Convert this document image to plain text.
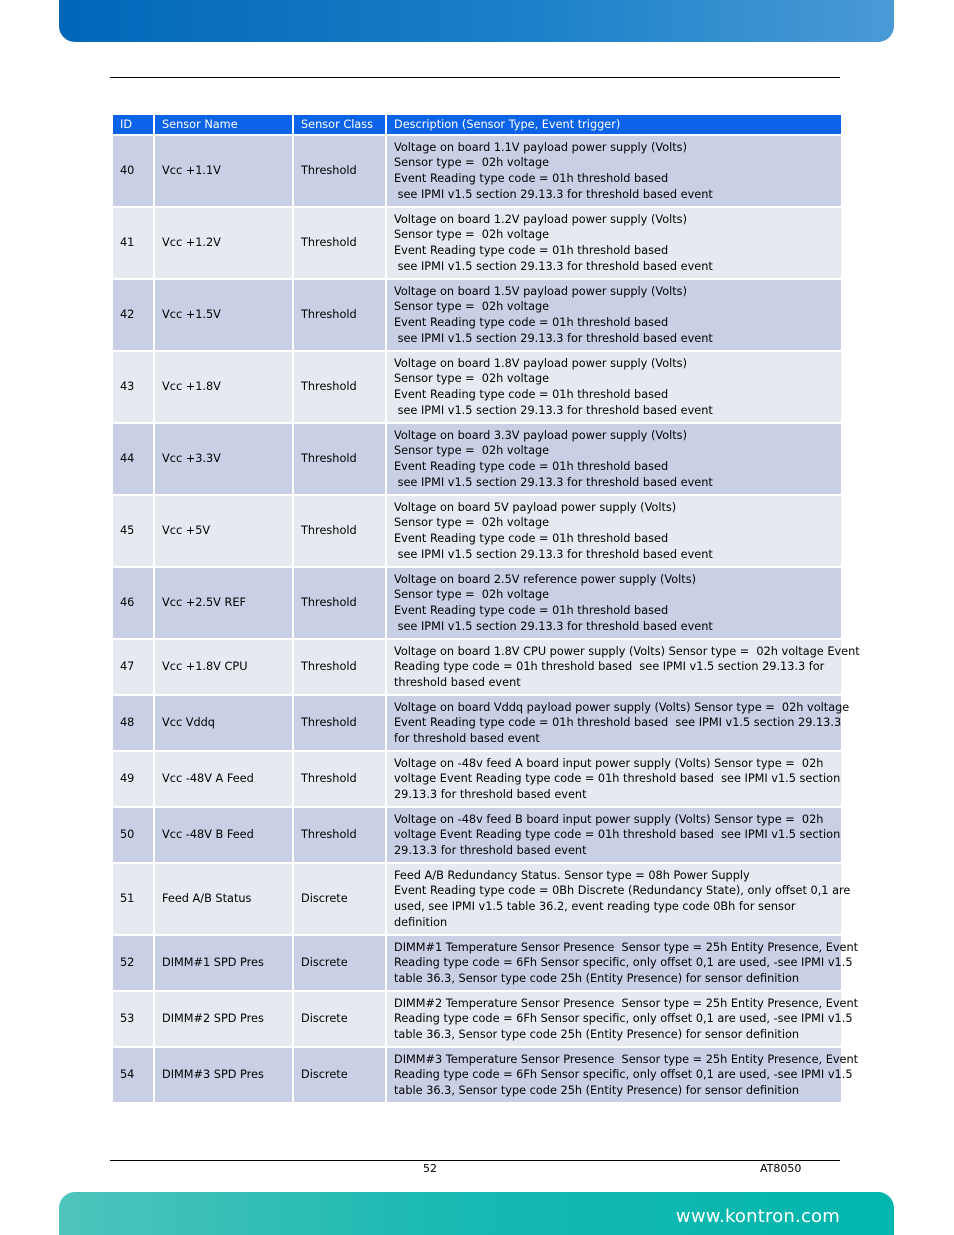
ID	Sensor Name	Sensor Class	Description (Sensor Type, Event trigger)
40	Vcc +1.1V	Threshold	Voltage on board 1.1V payload power supply (Volts)
Sensor type =  02h voltage
Event Reading type code = 01h threshold based
see IPMI v1.5 section 29.13.3 for threshold based event

41	Vcc +1.2V	Threshold	Voltage on board 1.2V payload power supply (Volts)
Sensor type =  02h voltage
Event Reading type code = 01h threshold based
see IPMI v1.5 section 29.13.3 for threshold based event

42	Vcc +1.5V	Threshold	Voltage on board 1.5V payload power supply (Volts)
Sensor type =  02h voltage
Event Reading type code = 01h threshold based
see IPMI v1.5 section 29.13.3 for threshold based event

43	Vcc +1.8V	Threshold	Voltage on board 1.8V payload power supply (Volts)
Sensor type =  02h voltage
Event Reading type code = 01h threshold based
see IPMI v1.5 section 29.13.3 for threshold based event

44	Vcc +3.3V	Threshold	Voltage on board 3.3V payload power supply (Volts)
Sensor type =  02h voltage
Event Reading type code = 01h threshold based
see IPMI v1.5 section 29.13.3 for threshold based event

45	Vcc +5V	Threshold	Voltage on board 5V payload power supply (Volts)
Sensor type =  02h voltage
Event Reading type code = 01h threshold based
see IPMI v1.5 section 29.13.3 for threshold based event

46	Vcc +2.5V REF	Threshold	Voltage on board 2.5V reference power supply (Volts)
Sensor type =  02h voltage
Event Reading type code = 01h threshold based
see IPMI v1.5 section 29.13.3 for threshold based event

47	Vcc +1.8V CPU	Threshold	Voltage on board 1.8V CPU power supply (Volts) Sensor type =  02h voltage Event
Reading type code = 01h threshold based  see IPMI v1.5 section 29.13.3 for
threshold based event

48	Vcc Vddq	Threshold	Voltage on board Vddq payload power supply (Volts) Sensor type =  02h voltage
Event Reading type code = 01h threshold based  see IPMI v1.5 section 29.13.3
for threshold based event

49	Vcc -48V A Feed	Threshold	Voltage on -48v feed A board input power supply (Volts) Sensor type =  02h
voltage Event Reading type code = 01h threshold based  see IPMI v1.5 section
29.13.3 for threshold based event

50	Vcc -48V B Feed	Threshold	Voltage on -48v feed B board input power supply (Volts) Sensor type =  02h
voltage Event Reading type code = 01h threshold based  see IPMI v1.5 section
29.13.3 for threshold based event

51	Feed A/B Status	Discrete	Feed A/B Redundancy Status. Sensor type = 08h Power Supply
Event Reading type code = 0Bh Discrete (Redundancy State), only offset 0,1 are
used, see IPMI v1.5 table 36.2, event reading type code 0Bh for sensor
definition

52	DIMM#1 SPD Pres	Discrete	DIMM#1 Temperature Sensor Presence  Sensor type = 25h Entity Presence, Event
Reading type code = 6Fh Sensor specific, only offset 0,1 are used, -see IPMI v1.5
table 36.3, Sensor type code 25h (Entity Presence) for sensor definition

53	DIMM#2 SPD Pres	Discrete	DIMM#2 Temperature Sensor Presence  Sensor type = 25h Entity Presence, Event
Reading type code = 6Fh Sensor specific, only offset 0,1 are used, -see IPMI v1.5
table 36.3, Sensor type code 25h (Entity Presence) for sensor definition

54	DIMM#3 SPD Pres	Discrete	DIMM#3 Temperature Sensor Presence  Sensor type = 25h Entity Presence, Event
Reading type code = 6Fh Sensor specific, only offset 0,1 are used, -see IPMI v1.5
table 36.3, Sensor type code 25h (Entity Presence) for sensor definition
52	AT8050
www.kontron.com
